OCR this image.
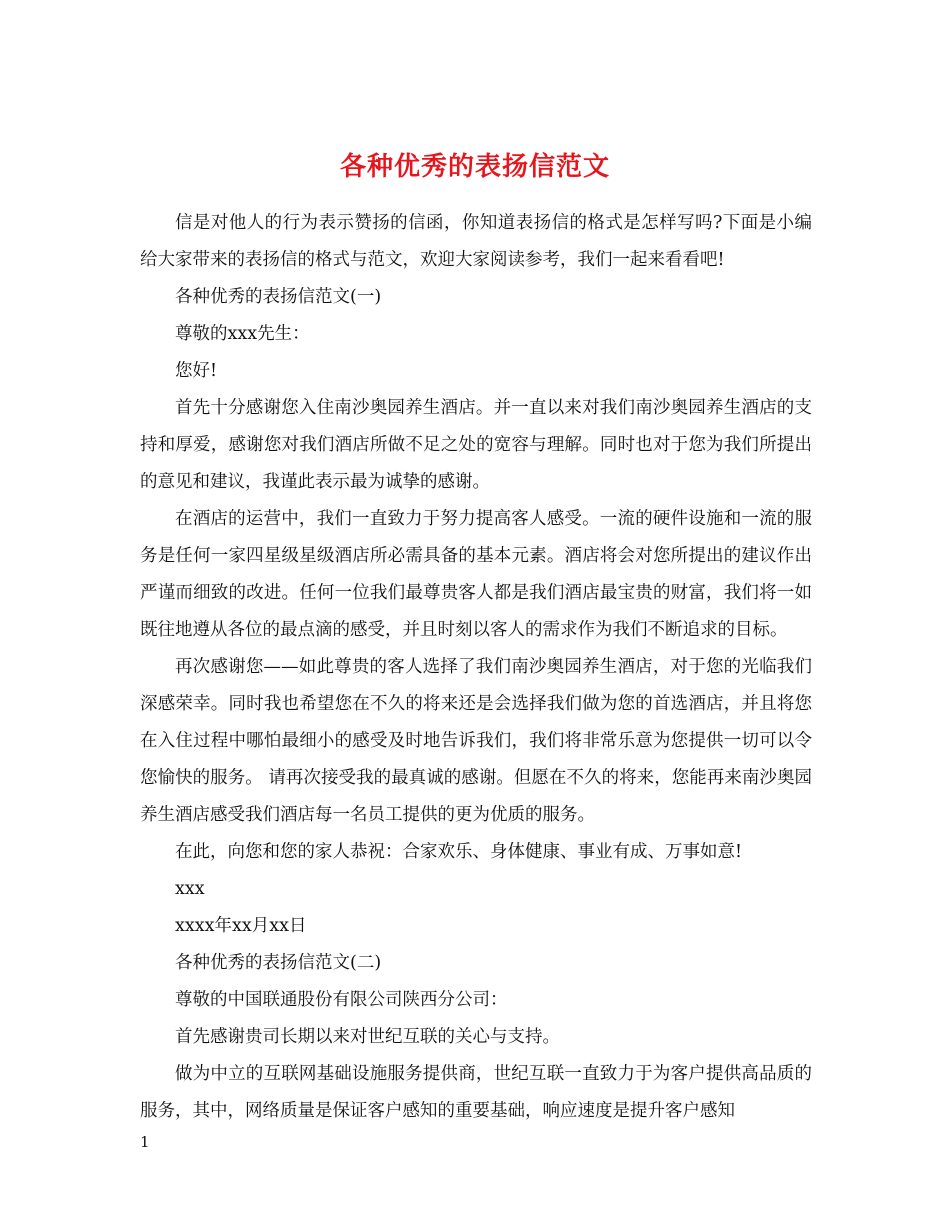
各种优秀的表扬信范文

信是对他人的行为表示赞扬的信函，你知道表扬信的格式是怎样写吗?下面是小编给大家带来的表扬信的格式与范文，欢迎大家阅读参考，我们一起来看看吧!

各种优秀的表扬信范文(一)

尊敬的xxx先生：

您好!

首先十分感谢您入住南沙奥园养生酒店。并一直以来对我们南沙奥园养生酒店的支持和厚爱，感谢您对我们酒店所做不足之处的宽容与理解。同时也对于您为我们所提出的意见和建议，我谨此表示最为诚挚的感谢。

在酒店的运营中，我们一直致力于努力提高客人感受。一流的硬件设施和一流的服务是任何一家四星级星级酒店所必需具备的基本元素。酒店将会对您所提出的建议作出严谨而细致的改进。任何一位我们最尊贵客人都是我们酒店最宝贵的财富，我们将一如既往地遵从各位的最点滴的感受，并且时刻以客人的需求作为我们不断追求的目标。

再次感谢您——如此尊贵的客人选择了我们南沙奥园养生酒店，对于您的光临我们深感荣幸。同时我也希望您在不久的将来还是会选择我们做为您的首选酒店，并且将您在入住过程中哪怕最细小的感受及时地告诉我们，我们将非常乐意为您提供一切可以令您愉快的服务。 请再次接受我的最真诚的感谢。但愿在不久的将来，您能再来南沙奥园养生酒店感受我们酒店每一名员工提供的更为优质的服务。

在此，向您和您的家人恭祝：合家欢乐、身体健康、事业有成、万事如意!

xxx

xxxx年xx月xx日

各种优秀的表扬信范文(二)

尊敬的中国联通股份有限公司陕西分公司：

首先感谢贵司长期以来对世纪互联的关心与支持。

做为中立的互联网基础设施服务提供商，世纪互联一直致力于为客户提供高品质的服务，其中，网络质量是保证客户感知的重要基础，响应速度是提升客户感知

1
